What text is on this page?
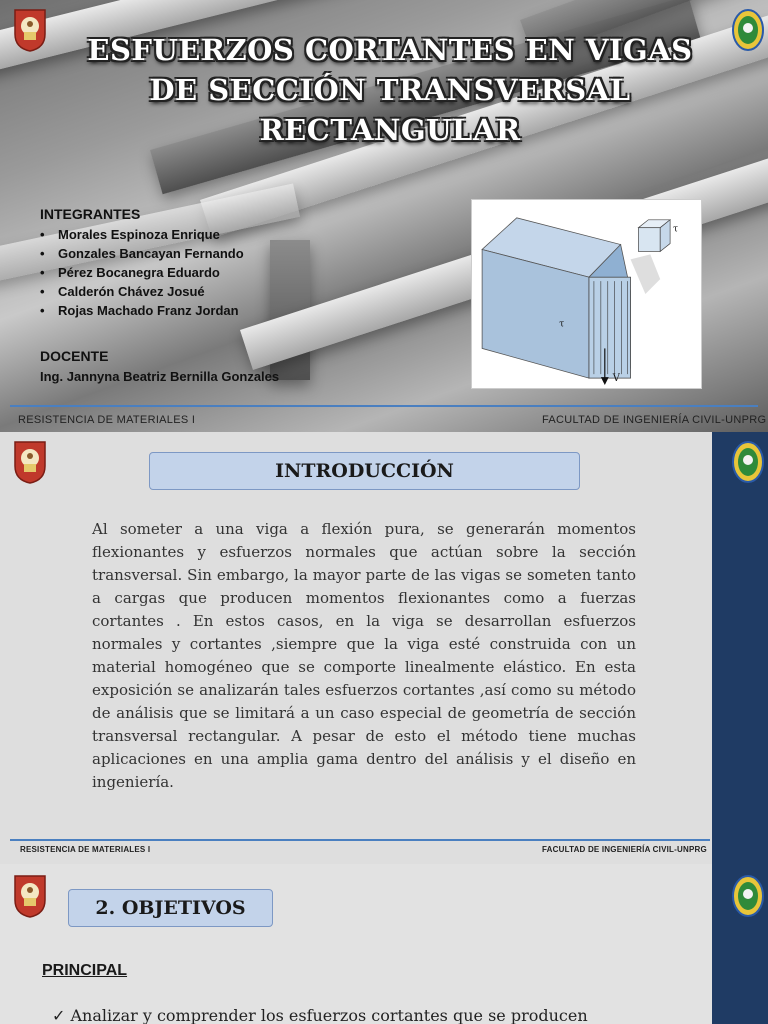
ESFUERZOS CORTANTES EN VIGAS
DE SECCIÓN TRANSVERSAL
RECTANGULAR
INTEGRANTES
• Morales Espinoza Enrique
• Gonzales Bancayan Fernando
• Pérez Bocanegra Eduardo
• Calderón Chávez Josué
• Rojas Machado Franz Jordan
DOCENTE
Ing. Jannyna Beatriz Bernilla Gonzales	V
τ
τ
RESISTENCIA DE MATERIALES I	FACULTAD DE INGENIERÍA CIVIL-UNPRG
INTRODUCCIÓN

Al someter a una viga a flexión pura, se generarán momentos flexionantes y esfuerzos normales que actúan sobre la sección transversal. Sin embargo, la mayor parte de las vigas se someten tanto a cargas que producen momentos flexionantes como a fuerzas cortantes . En estos casos, en la viga se desarrollan esfuerzos normales y cortantes ,siempre que la viga esté construida con un material homogéneo que se comporte linealmente elástico. En esta exposición se analizarán tales esfuerzos cortantes ,así como su método de análisis que se limitará a un caso especial de geometría de sección transversal rectangular. A pesar de esto el método tiene muchas aplicaciones en una amplia gama dentro del análisis y el diseño en ingeniería.

RESISTENCIA DE MATERIALES I	FACULTAD DE INGENIERÍA CIVIL-UNPRG
2. OBJETIVOS
PRINCIPAL
✓ Analizar y comprender los esfuerzos cortantes que se producen
